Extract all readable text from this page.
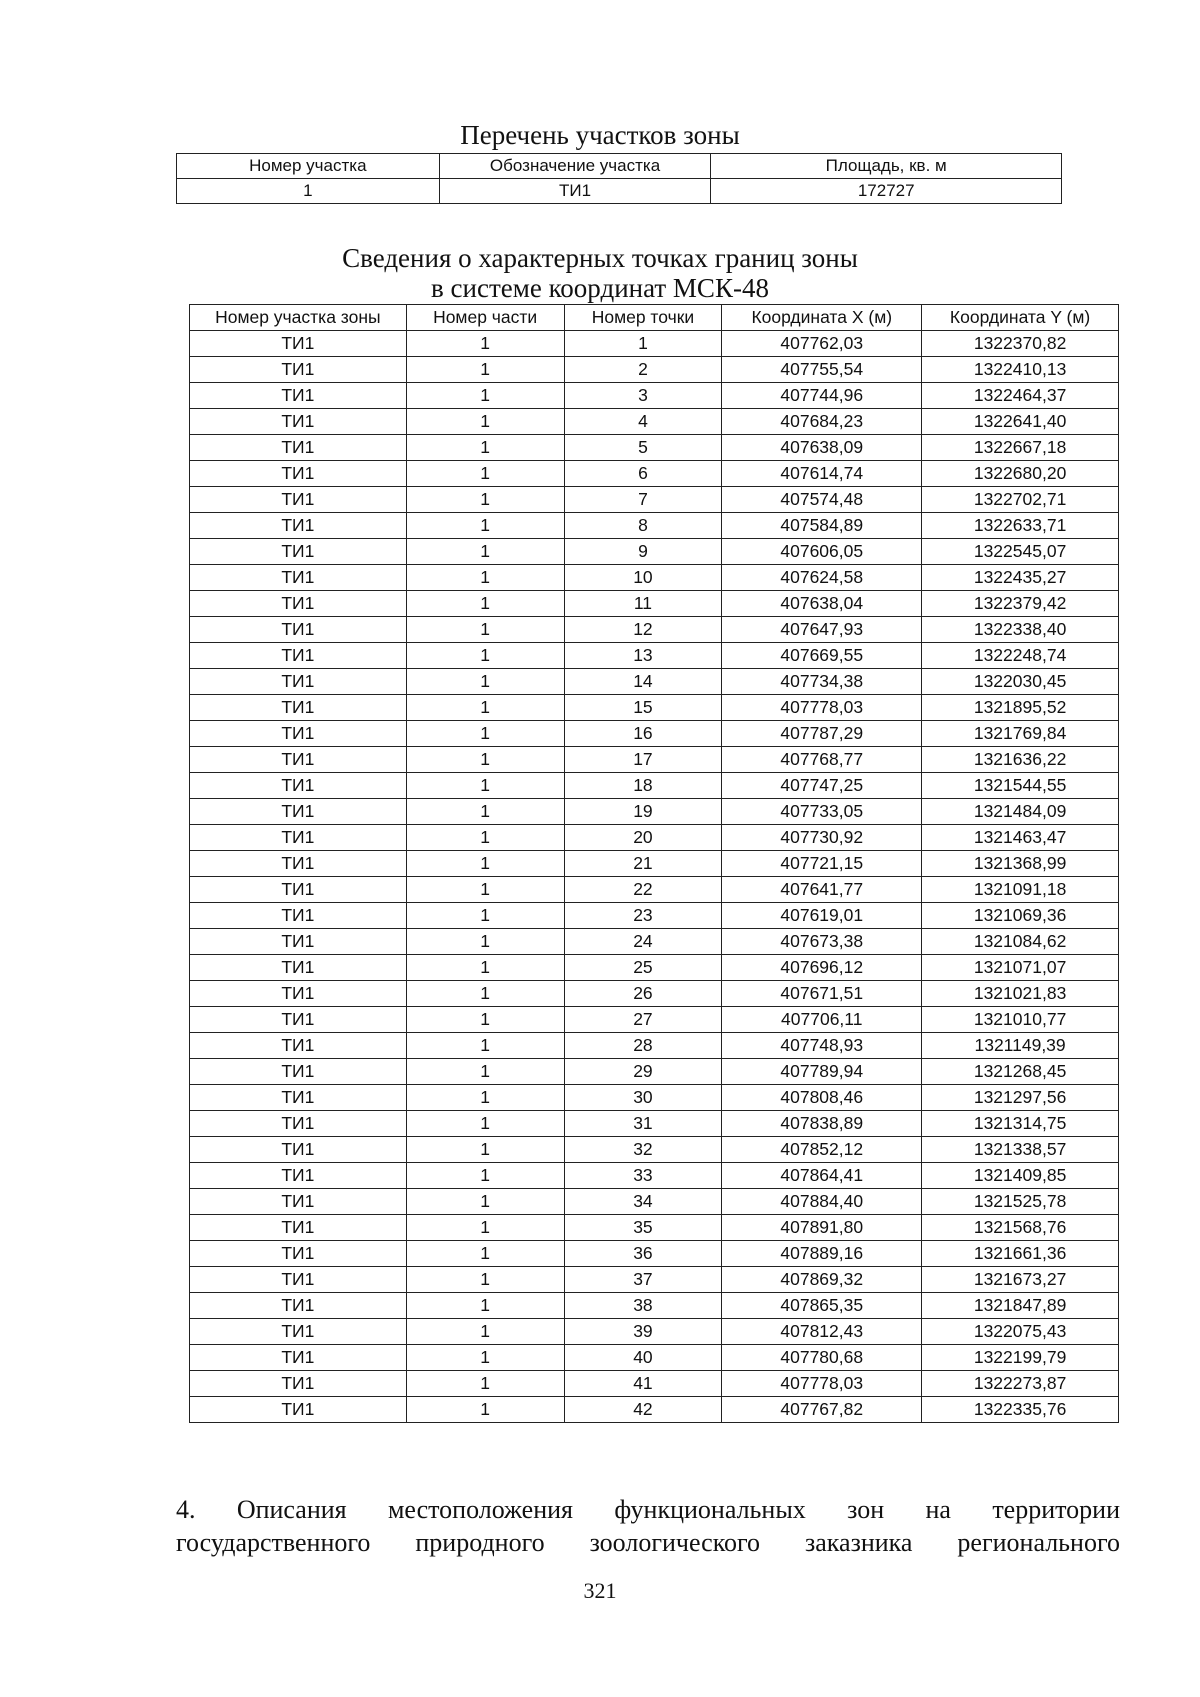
Перечень участков зоны
Номер участка	Обозначение участка	Площадь, кв. м
1	ТИ1	172727
Сведения о характерных точках границ зоны
в системе координат МСК-48
Номер участка зоны	Номер части	Номер точки	Координата X (м)	Координата Y (м)
ТИ1	1	1	407762,03	1322370,82
ТИ1	1	2	407755,54	1322410,13
ТИ1	1	3	407744,96	1322464,37
ТИ1	1	4	407684,23	1322641,40
ТИ1	1	5	407638,09	1322667,18
ТИ1	1	6	407614,74	1322680,20
ТИ1	1	7	407574,48	1322702,71
ТИ1	1	8	407584,89	1322633,71
ТИ1	1	9	407606,05	1322545,07
ТИ1	1	10	407624,58	1322435,27
ТИ1	1	11	407638,04	1322379,42
ТИ1	1	12	407647,93	1322338,40
ТИ1	1	13	407669,55	1322248,74
ТИ1	1	14	407734,38	1322030,45
ТИ1	1	15	407778,03	1321895,52
ТИ1	1	16	407787,29	1321769,84
ТИ1	1	17	407768,77	1321636,22
ТИ1	1	18	407747,25	1321544,55
ТИ1	1	19	407733,05	1321484,09
ТИ1	1	20	407730,92	1321463,47
ТИ1	1	21	407721,15	1321368,99
ТИ1	1	22	407641,77	1321091,18
ТИ1	1	23	407619,01	1321069,36
ТИ1	1	24	407673,38	1321084,62
ТИ1	1	25	407696,12	1321071,07
ТИ1	1	26	407671,51	1321021,83
ТИ1	1	27	407706,11	1321010,77
ТИ1	1	28	407748,93	1321149,39
ТИ1	1	29	407789,94	1321268,45
ТИ1	1	30	407808,46	1321297,56
ТИ1	1	31	407838,89	1321314,75
ТИ1	1	32	407852,12	1321338,57
ТИ1	1	33	407864,41	1321409,85
ТИ1	1	34	407884,40	1321525,78
ТИ1	1	35	407891,80	1321568,76
ТИ1	1	36	407889,16	1321661,36
ТИ1	1	37	407869,32	1321673,27
ТИ1	1	38	407865,35	1321847,89
ТИ1	1	39	407812,43	1322075,43
ТИ1	1	40	407780,68	1322199,79
ТИ1	1	41	407778,03	1322273,87
ТИ1	1	42	407767,82	1322335,76
4. Описания местоположения функциональных зон на территории
государственного природного зоологического заказника регионального
321
